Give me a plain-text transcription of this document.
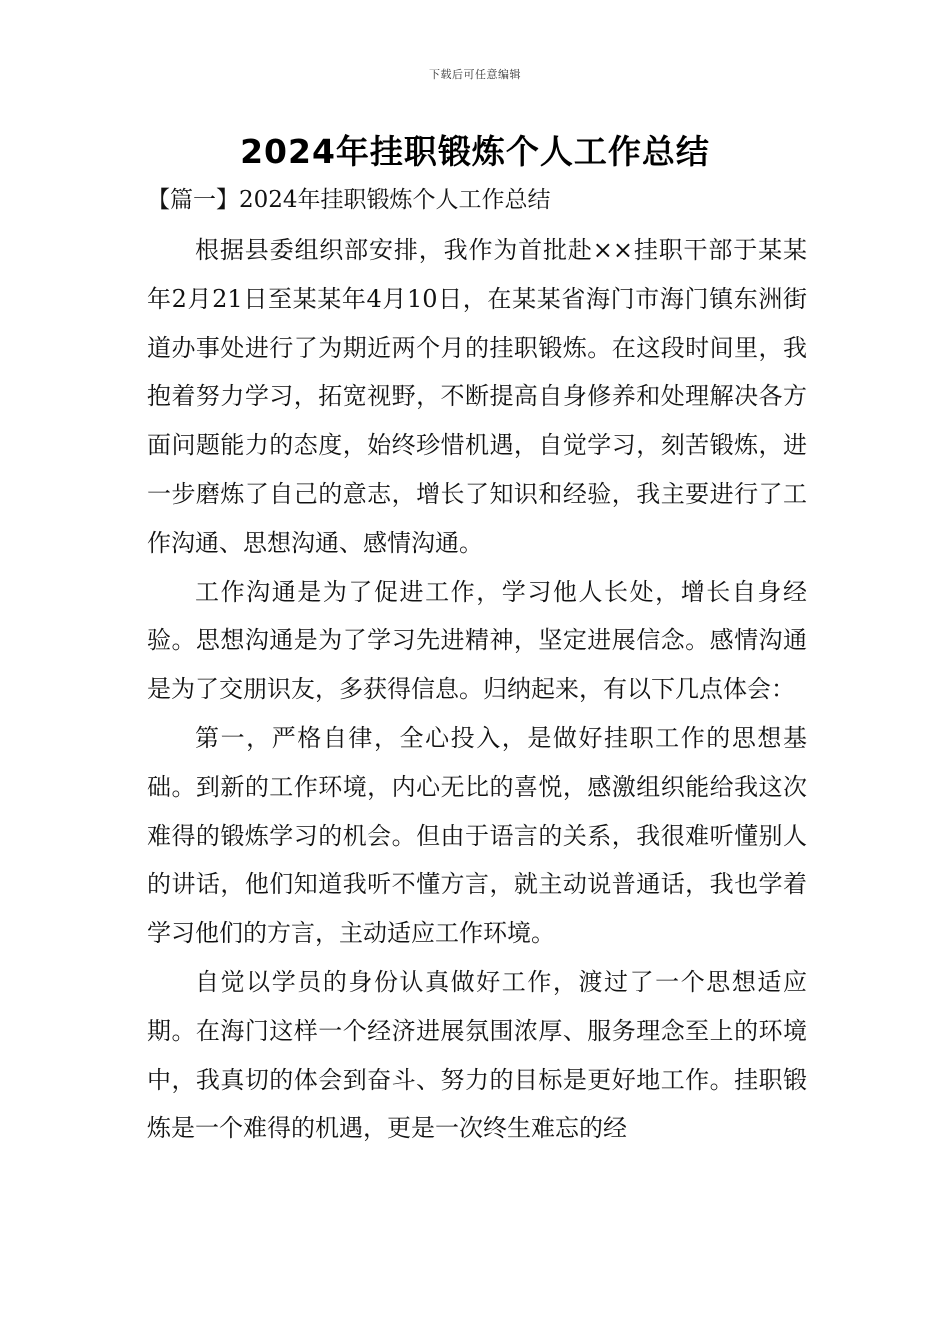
下载后可任意编辑
2024年挂职锻炼个人工作总结
【篇一】2024年挂职锻炼个人工作总结

根据县委组织部安排，我作为首批赴××挂职干部于某某年2月21日至某某年4月10日，在某某省海门市海门镇东洲街道办事处进行了为期近两个月的挂职锻炼。在这段时间里，我抱着努力学习，拓宽视野，不断提高自身修养和处理解决各方面问题能力的态度，始终珍惜机遇，自觉学习，刻苦锻炼，进一步磨炼了自己的意志，增长了知识和经验，我主要进行了工作沟通、思想沟通、感情沟通。

工作沟通是为了促进工作，学习他人长处，增长自身经验。思想沟通是为了学习先进精神，坚定进展信念。感情沟通是为了交朋识友，多获得信息。归纳起来，有以下几点体会：

第一，严格自律，全心投入，是做好挂职工作的思想基础。到新的工作环境，内心无比的喜悦，感激组织能给我这次难得的锻炼学习的机会。但由于语言的关系，我很难听懂别人的讲话，他们知道我听不懂方言，就主动说普通话，我也学着学习他们的方言，主动适应工作环境。

自觉以学员的身份认真做好工作，渡过了一个思想适应期。在海门这样一个经济进展氛围浓厚、服务理念至上的环境中，我真切的体会到奋斗、努力的目标是更好地工作。挂职锻炼是一个难得的机遇，更是一次终生难忘的经
